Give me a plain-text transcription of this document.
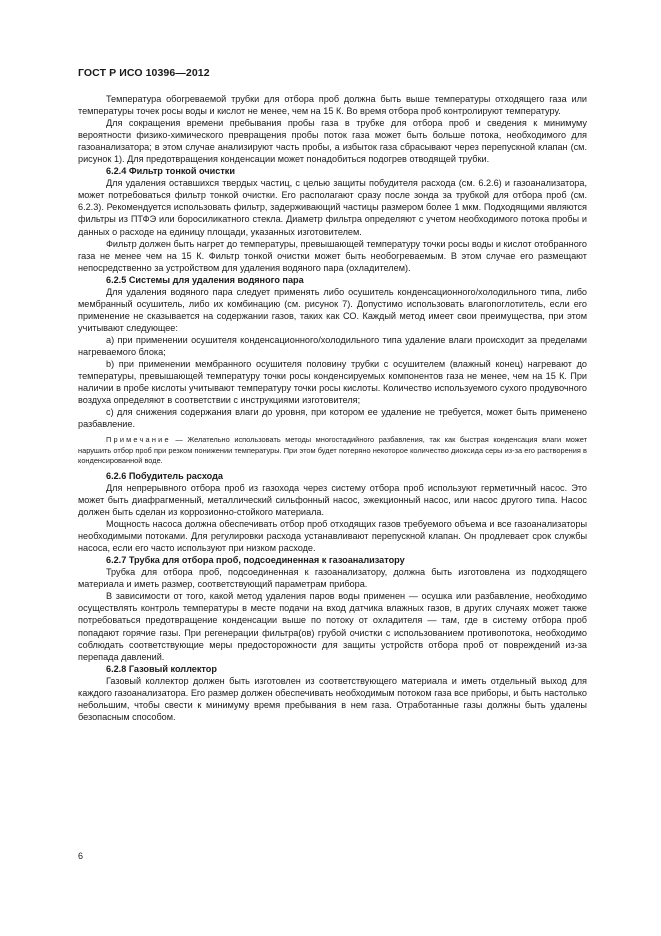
ГОСТ Р ИСО 10396—2012

Температура обогреваемой трубки для отбора проб должна быть выше температуры отходящего газа или температуры точек росы воды и кислот не менее, чем на 15 К. Во время отбора проб контролируют температуру.

Для сокращения времени пребывания пробы газа в трубке для отбора проб и сведения к минимуму вероятности физико-химического превращения пробы поток газа может быть больше потока, необходимого для газоанализатора; в этом случае анализируют часть пробы, а избыток газа сбрасывают через перепускной клапан (см. рисунок 1). Для предотвращения конденсации может понадобиться подогрев отводящей трубки.

6.2.4 Фильтр тонкой очистки

Для удаления оставшихся твердых частиц, с целью защиты побудителя расхода (см. 6.2.6) и газоанализатора, может потребоваться фильтр тонкой очистки. Его располагают сразу после зонда за трубкой для отбора проб (см. 6.2.3). Рекомендуется использовать фильтр, задерживающий частицы размером более 1 мкм. Подходящими являются фильтры из ПТФЭ или боросиликатного стекла. Диаметр фильтра определяют с учетом необходимого потока пробы и данных о расходе на единицу площади, указанных изготовителем.

Фильтр должен быть нагрет до температуры, превышающей температуру точки росы воды и кислот отобранного газа не менее чем на 15 К. Фильтр тонкой очистки может быть необогреваемым. В этом случае его размещают непосредственно за устройством для удаления водяного пара (охладителем).

6.2.5 Системы для удаления водяного пара

Для удаления водяного пара следует применять либо осушитель конденсационного/холодильного типа, либо мембранный осушитель, либо их комбинацию (см. рисунок 7). Допустимо использовать влагопоглотитель, если его применение не сказывается на содержании газов, таких как СО. Каждый метод имеет свои преимущества, при этом учитывают следующее:

a) при применении осушителя конденсационного/холодильного типа удаление влаги происходит за пределами нагреваемого блока;

b) при применении мембранного осушителя половину трубки с осушителем (влажный конец) нагревают до температуры, превышающей температуру точки росы конденсируемых компонентов газа не менее, чем на 15 К. При наличии в пробе кислоты учитывают температуру точки росы кислоты. Количество используемого сухого продувочного воздуха определяют в соответствии с инструкциями изготовителя;

c) для снижения содержания влаги до уровня, при котором ее удаление не требуется, может быть применено разбавление.

Примечание — Желательно использовать методы многостадийного разбавления, так как быстрая конденсация влаги может нарушить отбор проб при резком понижении температуры. При этом будет потеряно некоторое количество диоксида серы из-за его растворения в конденсированной воде.

6.2.6 Побудитель расхода

Для непрерывного отбора проб из газохода через систему отбора проб используют герметичный насос. Это может быть диафрагменный, металлический сильфонный насос, эжекционный насос, или насос другого типа. Насос должен быть сделан из коррозионно-стойкого материала.

Мощность насоса должна обеспечивать отбор проб отходящих газов требуемого объема и все газоанализаторы необходимыми потоками. Для регулировки расхода устанавливают перепускной клапан. Он продлевает срок службы насоса, если его часто используют при низком расходе.

6.2.7 Трубка для отбора проб, подсоединенная к газоанализатору

Трубка для отбора проб, подсоединенная к газоанализатору, должна быть изготовлена из подходящего материала и иметь размер, соответствующий параметрам прибора.

В зависимости от того, какой метод удаления паров воды применен — осушка или разбавление, необходимо осуществлять контроль температуры в месте подачи на вход датчика влажных газов, в других случаях может также потребоваться предотвращение конденсации выше по потоку от охладителя — там, где в систему отбора проб попадают горячие газы. При регенерации фильтра(ов) грубой очистки с использованием противопотока, необходимо соблюдать соответствующие меры предосторожности для защиты устройств отбора проб от повреждений из-за перепада давлений.

6.2.8 Газовый коллектор

Газовый коллектор должен быть изготовлен из соответствующего материала и иметь отдельный выход для каждого газоанализатора. Его размер должен обеспечивать необходимым потоком газа все приборы, и быть настолько небольшим, чтобы свести к минимуму время пребывания в нем газа. Отработанные газы должны быть удалены безопасным способом.

6
